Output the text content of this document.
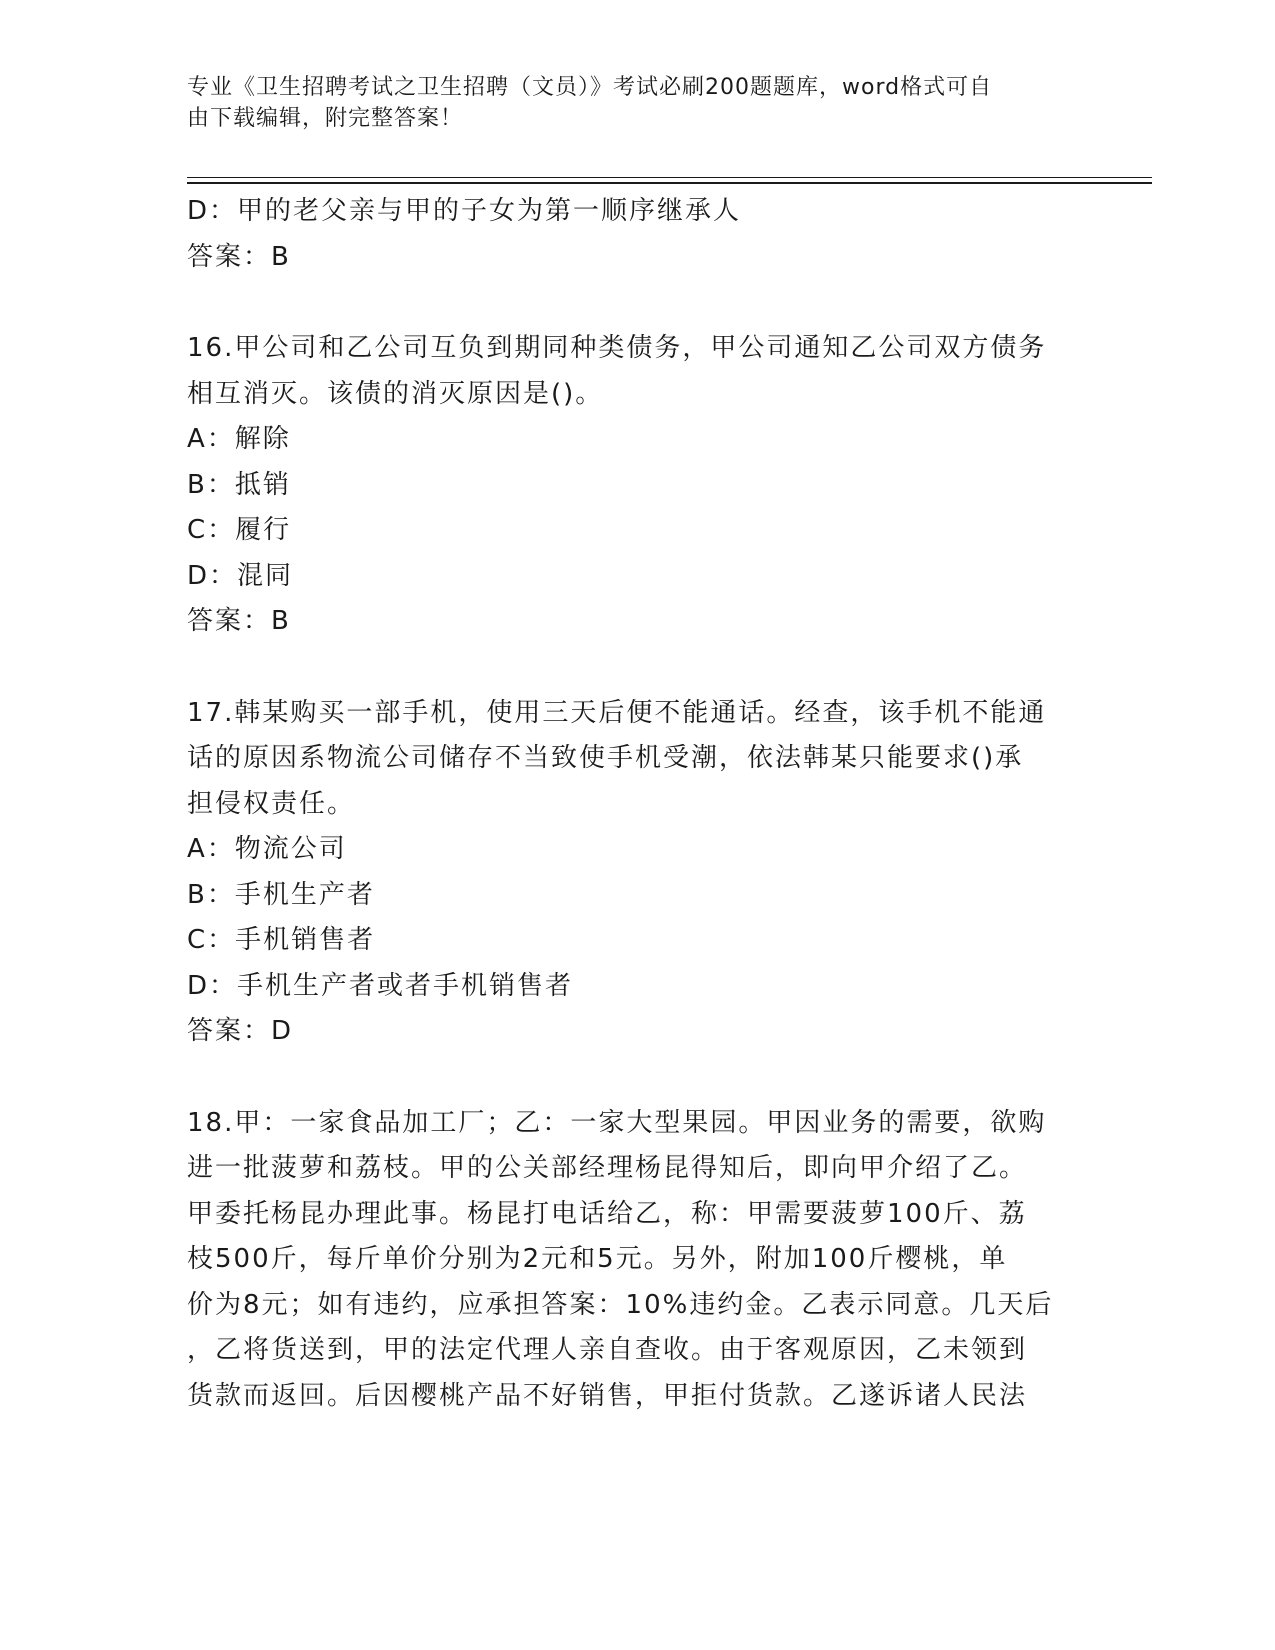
专业《卫生招聘考试之卫生招聘（文员）》考试必刷200题题库，word格式可自
由下载编辑，附完整答案！
D：甲的老父亲与甲的子女为第一顺序继承人
答案：B
16.甲公司和乙公司互负到期同种类债务，甲公司通知乙公司双方债务
相互消灭。该债的消灭原因是()。
A：解除
B：抵销
C：履行
D：混同
答案：B
17.韩某购买一部手机，使用三天后便不能通话。经查，该手机不能通
话的原因系物流公司储存不当致使手机受潮，依法韩某只能要求()承
担侵权责任。
A：物流公司
B：手机生产者
C：手机销售者
D：手机生产者或者手机销售者
答案：D
18.甲：一家食品加工厂；乙：一家大型果园。甲因业务的需要，欲购
进一批菠萝和荔枝。甲的公关部经理杨昆得知后，即向甲介绍了乙。
甲委托杨昆办理此事。杨昆打电话给乙，称：甲需要菠萝100斤、荔
枝500斤，每斤单价分别为2元和5元。另外，附加100斤樱桃，单
价为8元；如有违约，应承担答案：10%违约金。乙表示同意。几天后
，乙将货送到，甲的法定代理人亲自查收。由于客观原因，乙未领到
货款而返回。后因樱桃产品不好销售，甲拒付货款。乙遂诉诸人民法
